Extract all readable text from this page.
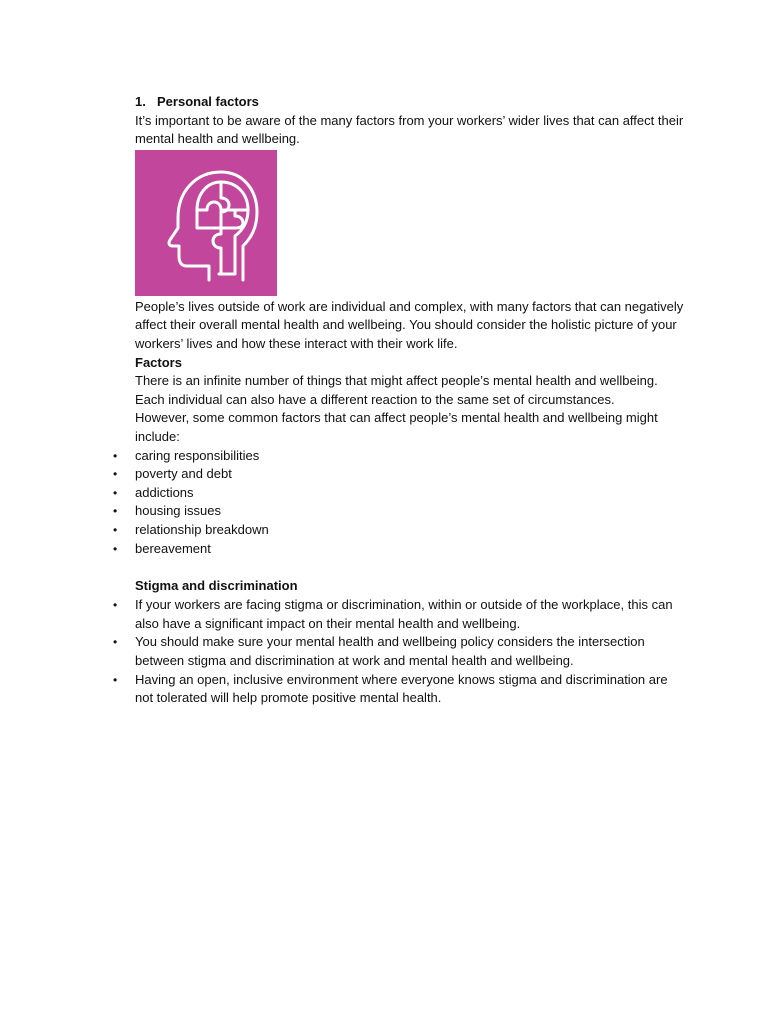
1. Personal factors

It’s important to be aware of the many factors from your workers’ wider lives that can affect their mental health and wellbeing.

People’s lives outside of work are individual and complex, with many factors that can negatively affect their overall mental health and wellbeing. You should consider the holistic picture of your workers’ lives and how these interact with their work life.

Factors

There is an infinite number of things that might affect people’s mental health and wellbeing.

Each individual can also have a different reaction to the same set of circumstances.

However, some common factors that can affect people’s mental health and wellbeing might include:

• caring responsibilities
• poverty and debt
• addictions
• housing issues
• relationship breakdown
• bereavement

Stigma and discrimination

• If your workers are facing stigma or discrimination, within or outside of the workplace, this can also have a significant impact on their mental health and wellbeing.
• You should make sure your mental health and wellbeing policy considers the intersection between stigma and discrimination at work and mental health and wellbeing.
• Having an open, inclusive environment where everyone knows stigma and discrimination are not tolerated will help promote positive mental health.
